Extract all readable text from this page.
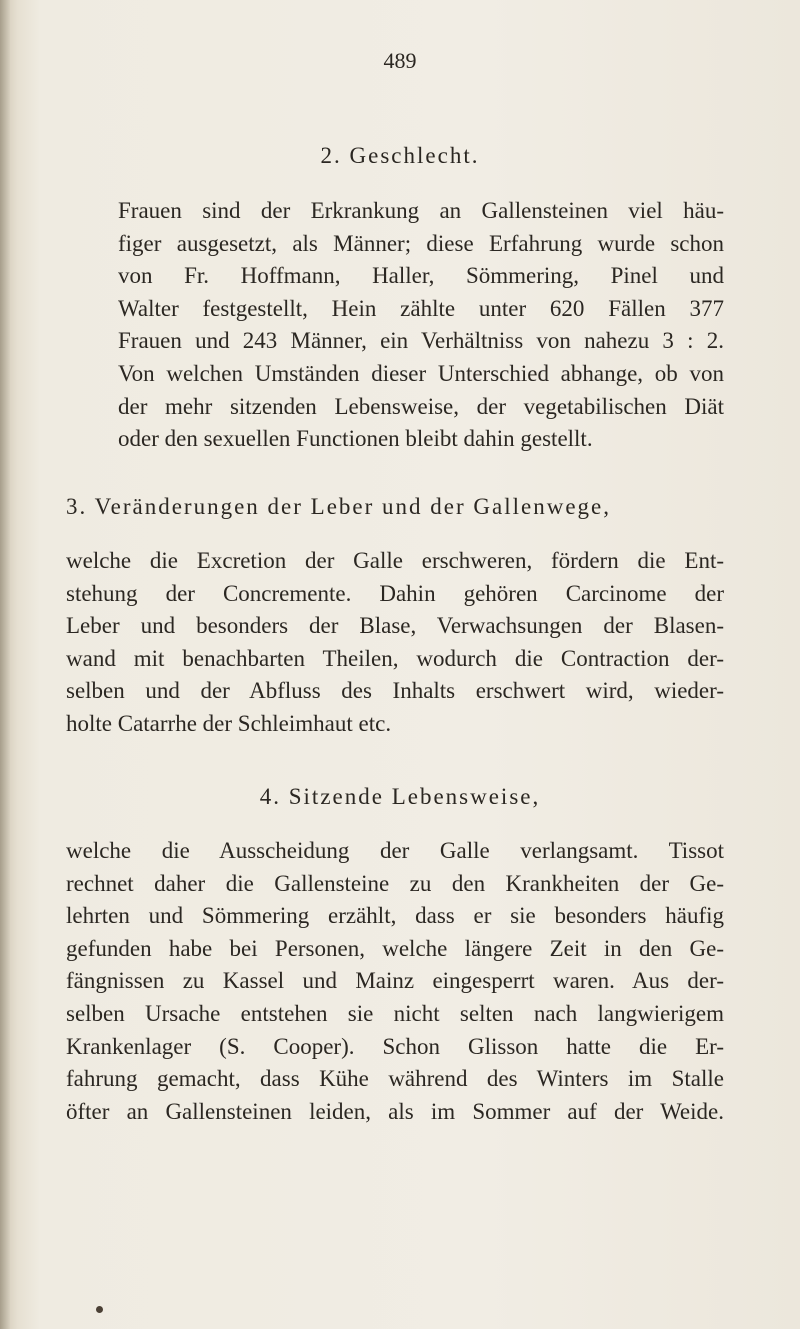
489
2. Geschlecht.
Frauen sind der Erkrankung an Gallensteinen viel häu-
figer ausgesetzt, als Männer; diese Erfahrung wurde schon
von Fr. Hoffmann, Haller, Sömmering, Pinel und
Walter festgestellt, Hein zählte unter 620 Fällen 377
Frauen und 243 Männer, ein Verhältniss von nahezu 3 : 2.
Von welchen Umständen dieser Unterschied abhange, ob von
der mehr sitzenden Lebensweise, der vegetabilischen Diät
oder den sexuellen Functionen bleibt dahin gestellt.
3. Veränderungen der Leber und der Gallenwege,
welche die Excretion der Galle erschweren, fördern die Ent-
stehung der Concremente. Dahin gehören Carcinome der
Leber und besonders der Blase, Verwachsungen der Blasen-
wand mit benachbarten Theilen, wodurch die Contraction der-
selben und der Abfluss des Inhalts erschwert wird, wieder-
holte Catarrhe der Schleimhaut etc.
4. Sitzende Lebensweise,
welche die Ausscheidung der Galle verlangsamt. Tissot
rechnet daher die Gallensteine zu den Krankheiten der Ge-
lehrten und Sömmering erzählt, dass er sie besonders häufig
gefunden habe bei Personen, welche längere Zeit in den Ge-
fängnissen zu Kassel und Mainz eingesperrt waren. Aus der-
selben Ursache entstehen sie nicht selten nach langwierigem
Krankenlager (S. Cooper). Schon Glisson hatte die Er-
fahrung gemacht, dass Kühe während des Winters im Stalle
öfter an Gallensteinen leiden, als im Sommer auf der Weide.
